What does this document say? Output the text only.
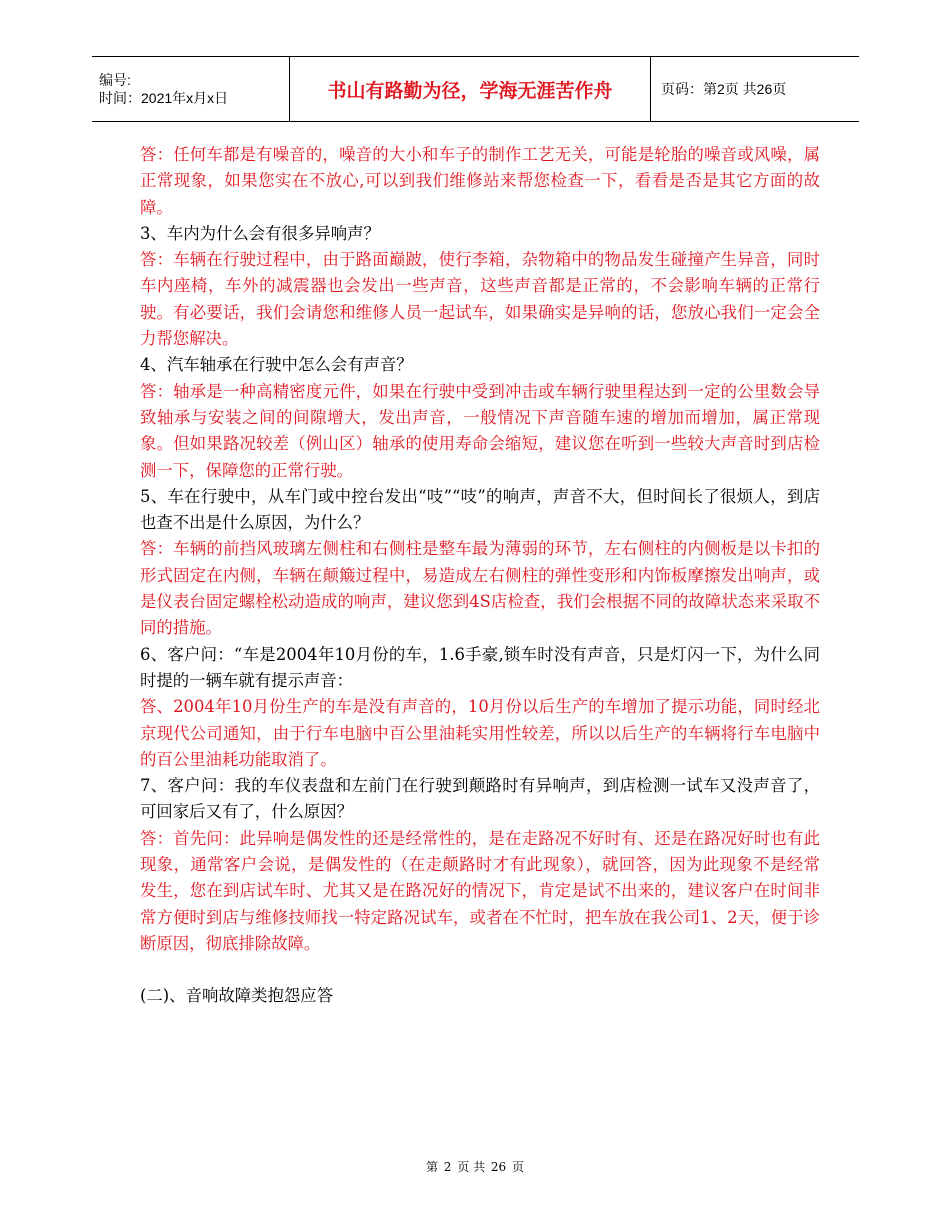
编号:
时间：2021年x月x日	书山有路勤为径，学海无涯苦作舟	页码：第2页 共26页

答：任何车都是有噪音的，噪音的大小和车子的制作工艺无关，可能是轮胎的噪音或风噪，属正常现象，如果您实在不放心,可以到我们维修站来帮您检查一下，看看是否是其它方面的故障。

3、车内为什么会有很多异响声？

答：车辆在行驶过程中，由于路面巅跛，使行李箱，杂物箱中的物品发生碰撞产生异音，同时车内座椅，车外的减震器也会发出一些声音，这些声音都是正常的，不会影响车辆的正常行驶。有必要话，我们会请您和维修人员一起试车，如果确实是异响的话，您放心我们一定会全力帮您解决。

4、汽车轴承在行驶中怎么会有声音？

答：轴承是一种高精密度元件，如果在行驶中受到冲击或车辆行驶里程达到一定的公里数会导致轴承与安装之间的间隙增大，发出声音，一般情况下声音随车速的增加而增加，属正常现象。但如果路况较差（例山区）轴承的使用寿命会缩短，建议您在听到一些较大声音时到店检测一下，保障您的正常行驶。

5、车在行驶中，从车门或中控台发出“吱”“吱”的响声，声音不大，但时间长了很烦人，到店也查不出是什么原因，为什么？

答：车辆的前挡风玻璃左侧柱和右侧柱是整车最为薄弱的环节，左右侧柱的内侧板是以卡扣的形式固定在内侧，车辆在颠簸过程中，易造成左右侧柱的弹性变形和内饰板摩擦发出响声，或是仪表台固定螺栓松动造成的响声，建议您到4S店检查，我们会根据不同的故障状态来采取不同的措施。

6、客户问：“车是2004年10月份的车，1.6手豪,锁车时没有声音，只是灯闪一下，为什么同时提的一辆车就有提示声音：

答、2004年10月份生产的车是没有声音的，10月份以后生产的车增加了提示功能，同时经北京现代公司通知，由于行车电脑中百公里油耗实用性较差，所以以后生产的车辆将行车电脑中的百公里油耗功能取消了。

7、客户问：我的车仪表盘和左前门在行驶到颠路时有异响声，到店检测一试车又没声音了，可回家后又有了，什么原因？

答：首先问：此异响是偶发性的还是经常性的，是在走路况不好时有、还是在路况好时也有此现象，通常客户会说，是偶发性的（在走颠路时才有此现象），就回答，因为此现象不是经常发生，您在到店试车时、尤其又是在路况好的情况下，肯定是试不出来的，建议客户在时间非常方便时到店与维修技师找一特定路况试车，或者在不忙时，把车放在我公司1、2天，便于诊断原因，彻底排除故障。

(二)、音响故障类抱怨应答

第 2 页 共 26 页
